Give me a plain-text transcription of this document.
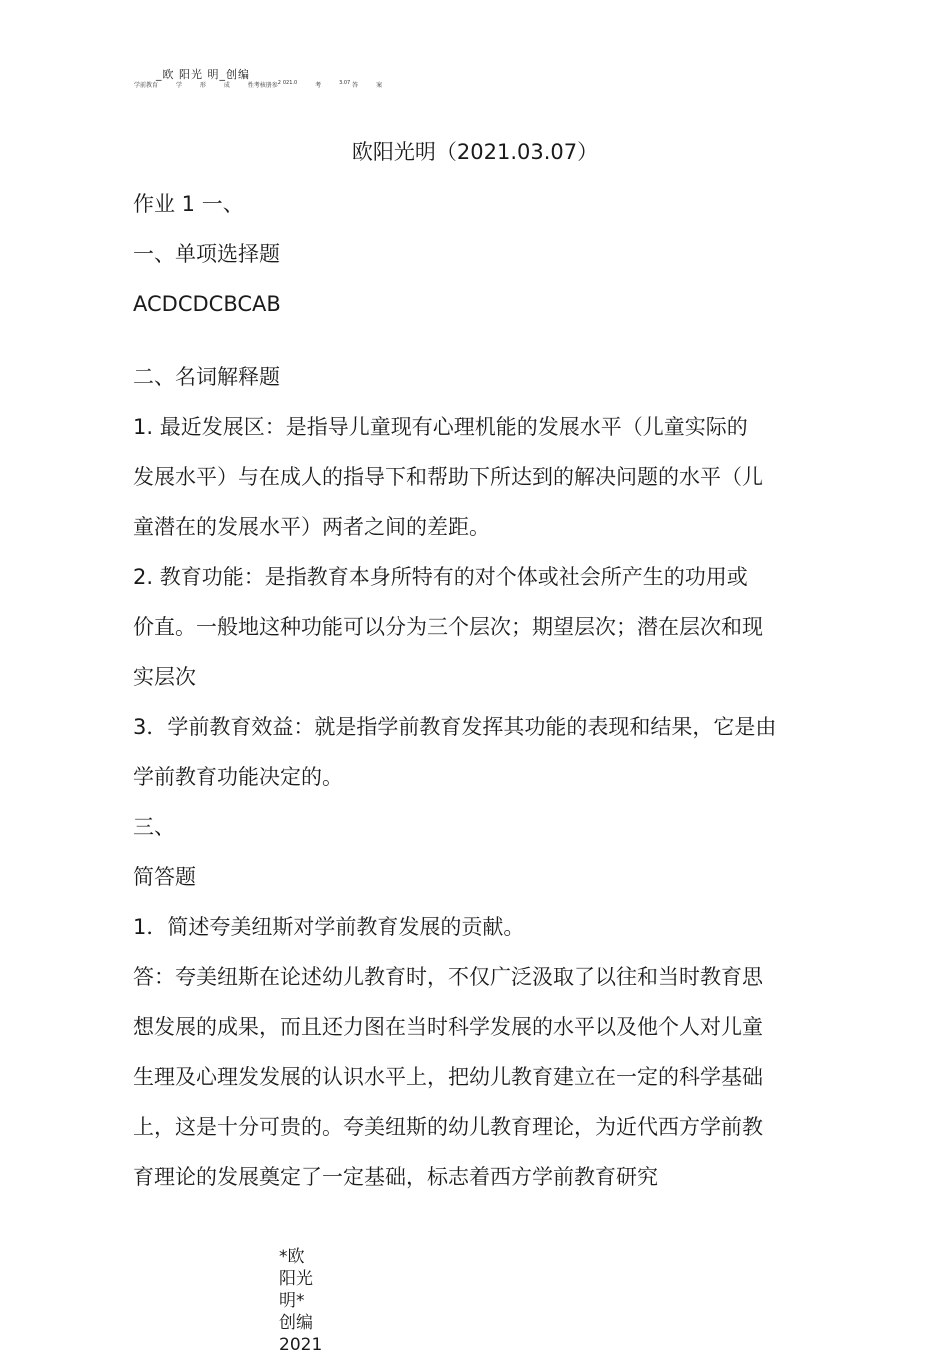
_欧 阳光 明_创编
学前教育	学	形	成	性考核册参$^2$ $^{021.0}$	考	$^{3.07}$ 答	案
欧阳光明（2021.03.07）
作业 1 一、
一、单项选择题
ACDCDCBCAB
二、名词解释题
1. 最近发展区：是指导儿童现有心理机能的发展水平（儿童实际的
发展水平）与在成人的指导下和帮助下所达到的解决问题的水平（儿
童潜在的发展水平）两者之间的差距。
2. 教育功能：是指教育本身所特有的对个体或社会所产生的功用或
价直。一般地这种功能可以分为三个层次；期望层次；潜在层次和现
实层次
3．学前教育效益：就是指学前教育发挥其功能的表现和结果，它是由
学前教育功能决定的。
三、
简答题
1．简述夸美纽斯对学前教育发展的贡献。
答：夸美纽斯在论述幼儿教育时，不仅广泛汲取了以往和当时教育思
想发展的成果，而且还力图在当时科学发展的水平以及他个人对儿童
生理及心理发发展的认识水平上，把幼儿教育建立在一定的科学基础
上，这是十分可贵的。夸美纽斯的幼儿教育理论，为近代西方学前教
育理论的发展奠定了一定基础，标志着西方学前教育研究
*欧
阳光
明*
创编
2021
